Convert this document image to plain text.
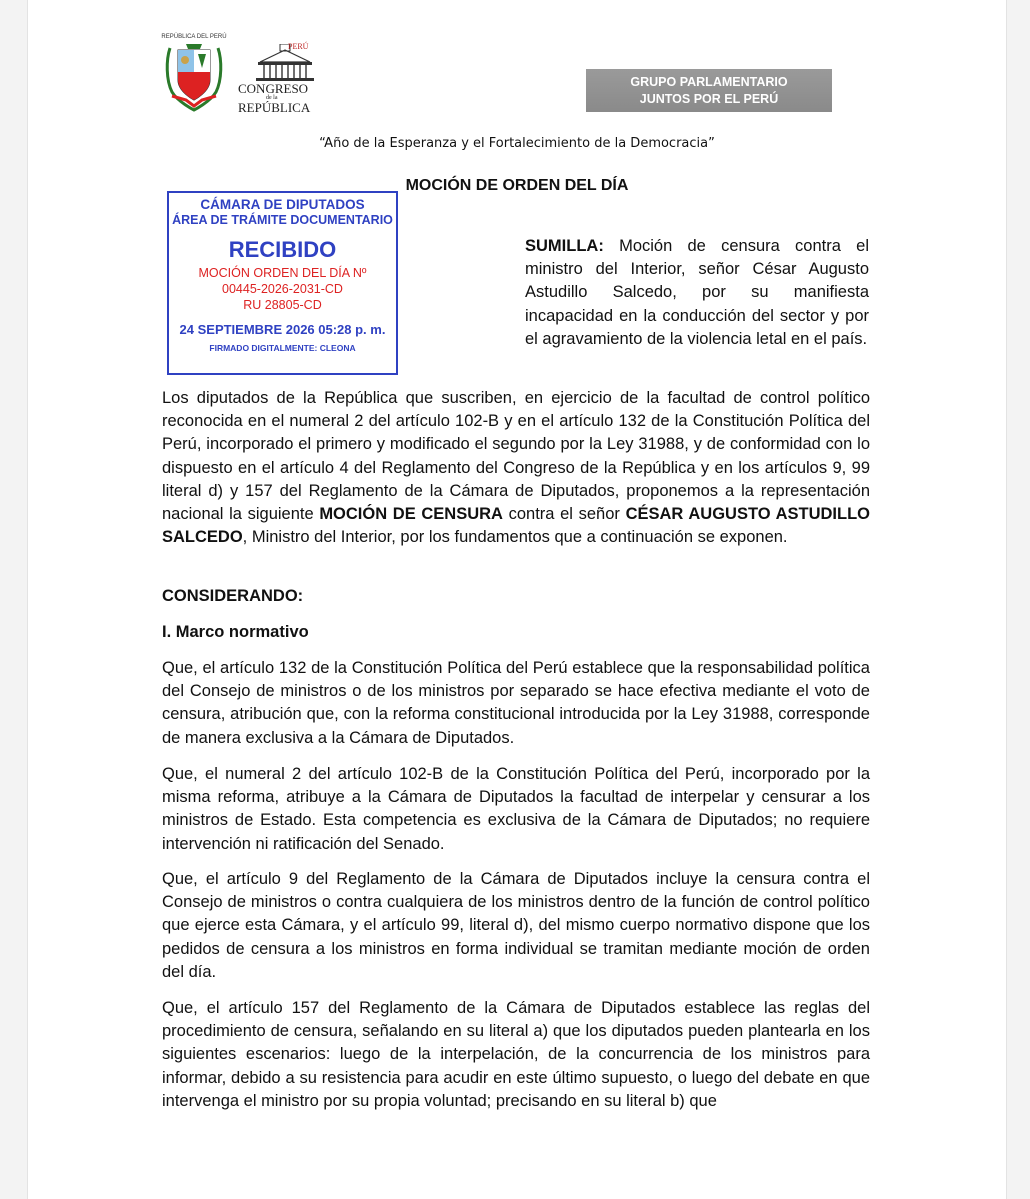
REPÚBLICA DEL PERÚ
PERÚ
CONGRESO
de la
REPÚBLICA
GRUPO PARLAMENTARIO
JUNTOS POR EL PERÚ
“Año de la Esperanza y el Fortalecimiento de la Democracia”
MOCIÓN DE ORDEN DEL DÍA
CÁMARA DE DIPUTADOS
ÁREA DE TRÁMITE DOCUMENTARIO
RECIBIDO
MOCIÓN ORDEN DEL DÍA Nº
00445-2026-2031-CD
RU 28805-CD
24 SEPTIEMBRE 2026 05:28 p. m.
FIRMADO DIGITALMENTE: CLEONA
SUMILLA: Moción de censura contra el ministro del Interior, señor César Augusto Astudillo Salcedo, por su manifiesta incapacidad en la conducción del sector y por el agravamiento de la violencia letal en el país.
Los diputados de la República que suscriben, en ejercicio de la facultad de control político reconocida en el numeral 2 del artículo 102-B y en el artículo 132 de la Constitución Política del Perú, incorporado el primero y modificado el segundo por la Ley 31988, y de conformidad con lo dispuesto en el artículo 4 del Reglamento del Congreso de la República y en los artículos 9, 99 literal d) y 157 del Reglamento de la Cámara de Diputados, proponemos a la representación nacional la siguiente MOCIÓN DE CENSURA contra el señor CÉSAR AUGUSTO ASTUDILLO SALCEDO, Ministro del Interior, por los fundamentos que a continuación se exponen.
CONSIDERANDO:
I. Marco normativo
Que, el artículo 132 de la Constitución Política del Perú establece que la responsabilidad política del Consejo de ministros o de los ministros por separado se hace efectiva mediante el voto de censura, atribución que, con la reforma constitucional introducida por la Ley 31988, corresponde de manera exclusiva a la Cámara de Diputados.
Que, el numeral 2 del artículo 102-B de la Constitución Política del Perú, incorporado por la misma reforma, atribuye a la Cámara de Diputados la facultad de interpelar y censurar a los ministros de Estado. Esta competencia es exclusiva de la Cámara de Diputados; no requiere intervención ni ratificación del Senado.
Que, el artículo 9 del Reglamento de la Cámara de Diputados incluye la censura contra el Consejo de ministros o contra cualquiera de los ministros dentro de la función de control político que ejerce esta Cámara, y el artículo 99, literal d), del mismo cuerpo normativo dispone que los pedidos de censura a los ministros en forma individual se tramitan mediante moción de orden del día.
Que, el artículo 157 del Reglamento de la Cámara de Diputados establece las reglas del procedimiento de censura, señalando en su literal a) que los diputados pueden plantearla en los siguientes escenarios: luego de la interpelación, de la concurrencia de los ministros para informar, debido a su resistencia para acudir en este último supuesto, o luego del debate en que intervenga el ministro por su propia voluntad; precisando en su literal b) que
